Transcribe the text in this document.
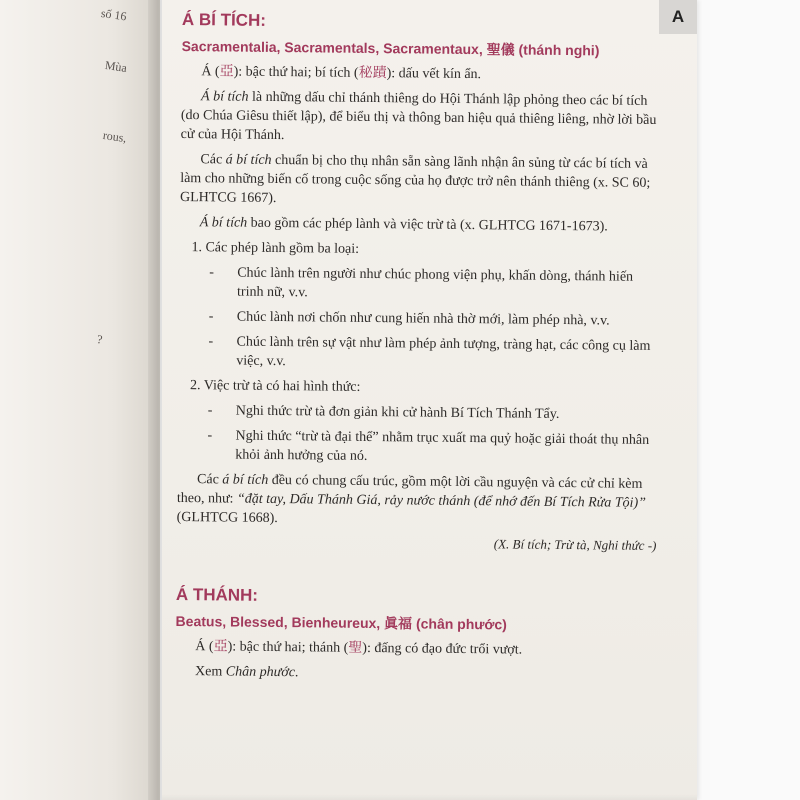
số 16
Mùa
rous,
?
A
Á BÍ TÍCH:
Sacramentalia, Sacramentals, Sacramentaux, 聖儀 (thánh nghi)

Á (亞): bậc thứ hai; bí tích (秘蹟): dấu vết kín ẩn.

Á bí tích là những dấu chỉ thánh thiêng do Hội Thánh lập phỏng theo các bí tích (do Chúa Giêsu thiết lập), để biểu thị và thông ban hiệu quả thiêng liêng, nhờ lời bầu cử của Hội Thánh.

Các á bí tích chuẩn bị cho thụ nhân sẵn sàng lãnh nhận ân sủng từ các bí tích và làm cho những biến cố trong cuộc sống của họ được trở nên thánh thiêng (x. SC 60; GLHTCG 1667).

Á bí tích bao gồm các phép lành và việc trừ tà (x. GLHTCG 1671-1673).

1. Các phép lành gồm ba loại:
- Chúc lành trên người như chúc phong viện phụ, khấn dòng, thánh hiến trinh nữ, v.v.
- Chúc lành nơi chốn như cung hiến nhà thờ mới, làm phép nhà, v.v.
- Chúc lành trên sự vật như làm phép ảnh tượng, tràng hạt, các công cụ làm việc, v.v.
2. Việc trừ tà có hai hình thức:
- Nghi thức trừ tà đơn giản khi cử hành Bí Tích Thánh Tẩy.
- Nghi thức “trừ tà đại thể” nhằm trục xuất ma quỷ hoặc giải thoát thụ nhân khỏi ảnh hưởng của nó.

Các á bí tích đều có chung cấu trúc, gồm một lời cầu nguyện và các cử chỉ kèm theo, như: “đặt tay, Dấu Thánh Giá, rảy nước thánh (để nhớ đến Bí Tích Rửa Tội)” (GLHTCG 1668).

(X. Bí tích; Trừ tà, Nghi thức -)
Á THÁNH:
Beatus, Blessed, Bienheureux, 眞福 (chân phước)

Á (亞): bậc thứ hai; thánh (聖): đấng có đạo đức trổi vượt.

Xem Chân phước.
